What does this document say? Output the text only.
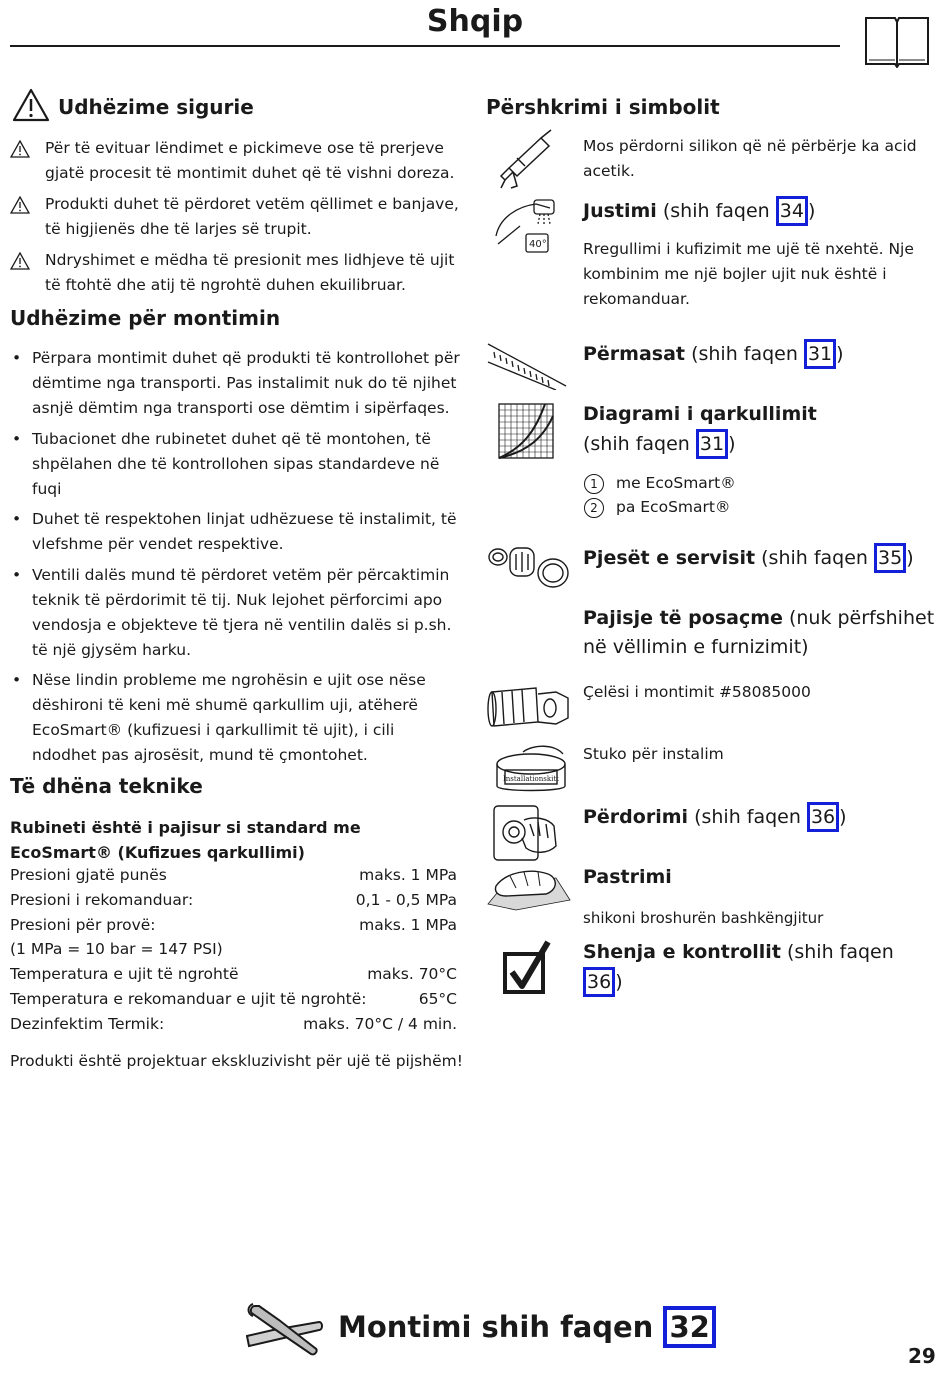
Shqip
Udhëzime sigurie
Për të evituar lëndimet e pickimeve ose të prerjeve gjatë procesit të montimit duhet që të vishni doreza.
Produkti duhet të përdoret vetëm qëllimet e banjave, të higjienës dhe të larjes së trupit.
Ndryshimet e mëdha të presionit mes lidhjeve të ujit të ftohtë dhe atij të ngrohtë duhen ekuilibruar.
Udhëzime për montimin
• Përpara montimit duhet që produkti të kontrollohet për dëmtime nga transporti. Pas instalimit nuk do të njihet asnjë dëmtim nga transporti ose dëmtim i sipërfaqes.
• Tubacionet dhe rubinetet duhet që të montohen, të shpëlahen dhe të kontrollohen sipas standardeve në fuqi
• Duhet të respektohen linjat udhëzuese të instalimit, të vlefshme për vendet respektive.
• Ventili dalës mund të përdoret vetëm për përcaktimin teknik të përdorimit të tij. Nuk lejohet përforcimi apo vendosja e objekteve të tjera në ventilin dalës si p.sh. të një gjysëm harku.
• Nëse lindin probleme me ngrohësin e ujit ose nëse dëshironi të keni më shumë qarkullim uji, atëherë EcoSmart® (kufizuesi i qarkullimit të ujit), i cili ndodhet pas ajrosësit, mund të çmontohet.
Të dhëna teknike
Rubineti është i pajisur si standard me
EcoSmart® (Kufizues qarkullimi)
Presioni gjatë punës	maks. 1 MPa
Presioni i rekomanduar:	0,1 - 0,5 MPa
Presioni për provë:	maks. 1 MPa
(1 MPa = 10 bar = 147 PSI)
Temperatura e ujit të ngrohtë	maks. 70°C
Temperatura e rekomanduar e ujit të ngrohtë:	65°C
Dezinfektim Termik:	maks. 70°C / 4 min.
Produkti është projektuar ekskluzivisht për ujë të pijshëm!
Përshkrimi i simbolit
Mos përdorni silikon që në përbërje ka acid acetik.
40°
Justimi (shih faqen 34 )
Rregullimi i kufizimit me ujë të nxehtë. Nje kombinim me një bojler ujit nuk është i rekomanduar.
Përmasat (shih faqen 31 )
Diagrami i qarkullimit
(shih faqen 31 )
1 me EcoSmart®
2 pa EcoSmart®
Pjesët e servisit (shih faqen 35 )
Pajisje të posaçme (nuk përfshihet në vëllimin e furnizimit)
Çelësi i montimit #58085000
Installationskitt
Stuko për instalim
Përdorimi (shih faqen 36 )
Pastrimi
shikoni broshurën bashkëngjitur
Shenja e kontrollit (shih faqen
36 )
Montimi shih faqen 32
29
